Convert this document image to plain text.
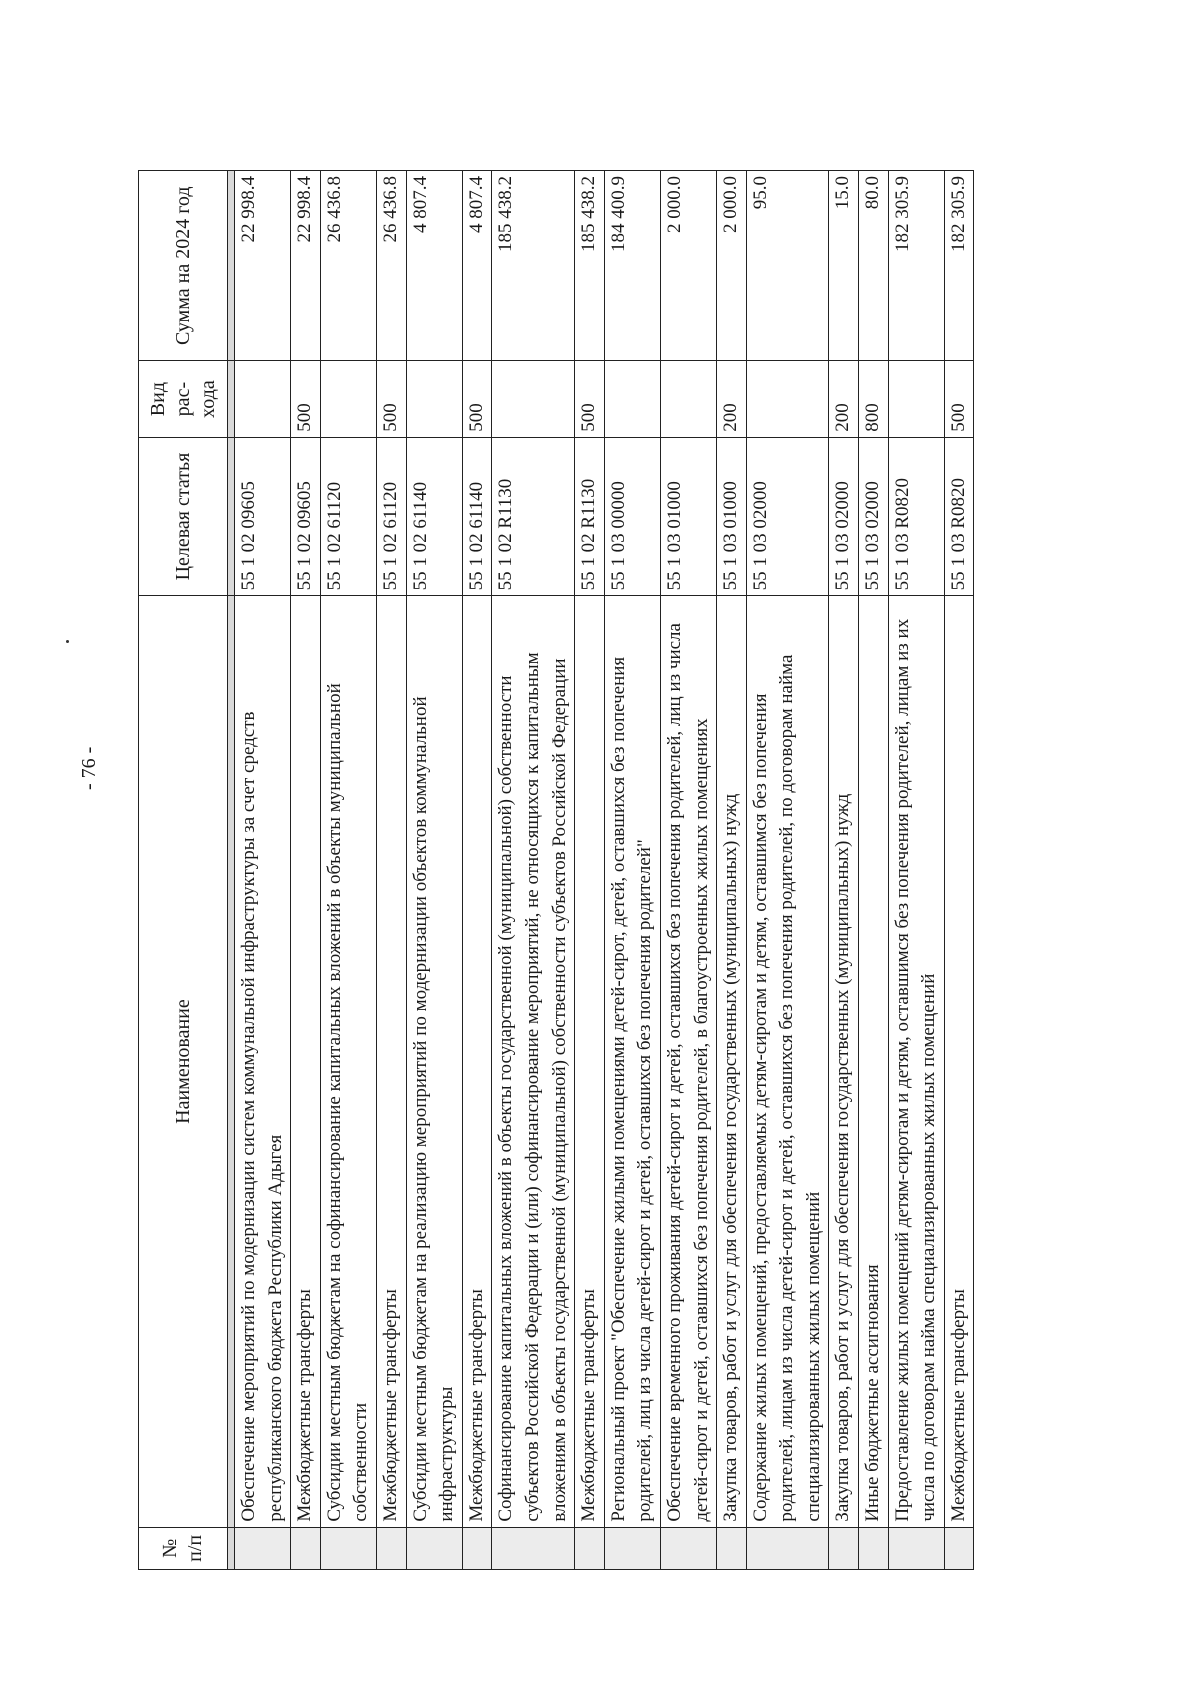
- 76 -
№ п/п	Наименование	Целевая статья	Вид рас- хода	Сумма на 2024 год

	Обеспечение мероприятий по модернизации систем коммунальной инфраструктуры за счет средств республиканского бюджета Республики Адыгея	55 1 02 09605		22 998.4
	Межбюджетные трансферты	55 1 02 09605	500	22 998.4
	Субсидии местным бюджетам на софинансирование капитальных вложений в объекты муниципальной собственности	55 1 02 61120		26 436.8
	Межбюджетные трансферты	55 1 02 61120	500	26 436.8
	Субсидии местным бюджетам на реализацию мероприятий по модернизации объектов коммунальной инфраструктуры	55 1 02 61140		4 807.4
	Межбюджетные трансферты	55 1 02 61140	500	4 807.4
	Софинансирование капитальных вложений в объекты государственной (муниципальной) собственности субъектов Российской Федерации и (или) софинансирование мероприятий, не относящихся к капитальным вложениям в объекты государственной (муниципальной) собственности субъектов Российской Федерации	55 1 02 R1130		185 438.2
	Межбюджетные трансферты	55 1 02 R1130	500	185 438.2
	Региональный проект "Обеспечение жилыми помещениями детей-сирот, детей, оставшихся без попечения родителей, лиц из числа детей-сирот и детей, оставшихся без попечения родителей"	55 1 03 00000		184 400.9
	Обеспечение временного проживания детей-сирот и детей, оставшихся без попечения родителей, лиц из числа детей-сирот и детей, оставшихся без попечения родителей, в благоустроенных жилых помещениях	55 1 03 01000		2 000.0
	Закупка товаров, работ и услуг для обеспечения государственных (муниципальных) нужд	55 1 03 01000	200	2 000.0
	Содержание жилых помещений, предоставляемых детям-сиротам и детям, оставшимся без попечения родителей, лицам из числа детей-сирот и детей, оставшихся без попечения родителей, по договорам найма специализированных жилых помещений	55 1 03 02000		95.0
	Закупка товаров, работ и услуг для обеспечения государственных (муниципальных) нужд	55 1 03 02000	200	15.0
	Иные бюджетные ассигнования	55 1 03 02000	800	80.0
	Предоставление жилых помещений детям-сиротам и детям, оставшимся без попечения родителей, лицам из их числа по договорам найма специализированных жилых помещений	55 1 03 R0820		182 305.9
	Межбюджетные трансферты	55 1 03 R0820	500	182 305.9
